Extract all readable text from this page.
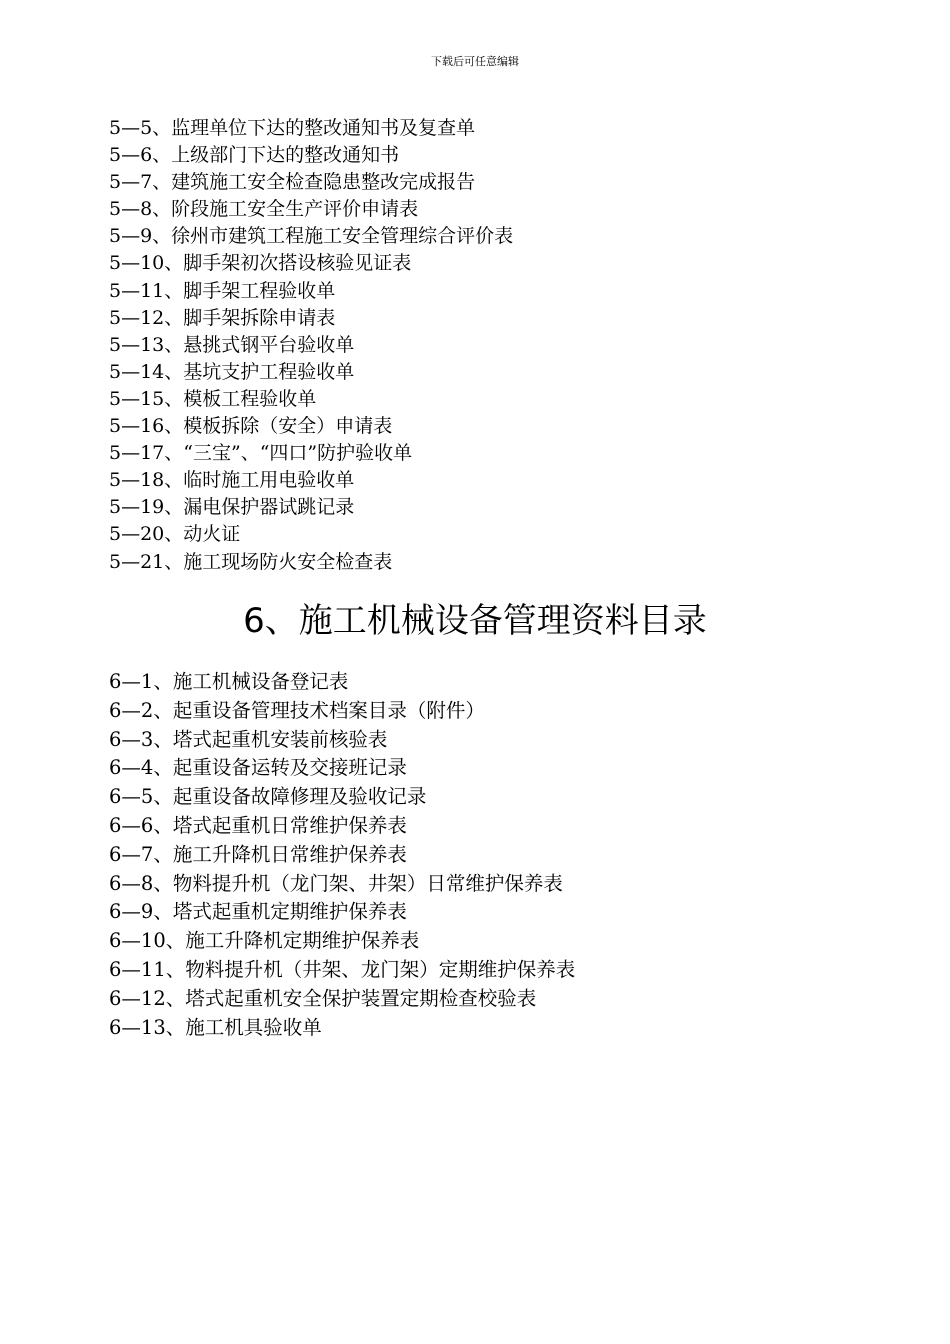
下载后可任意编辑
5—5、监理单位下达的整改通知书及复查单
5—6、上级部门下达的整改通知书
5—7、建筑施工安全检查隐患整改完成报告
5—8、阶段施工安全生产评价申请表
5—9、徐州市建筑工程施工安全管理综合评价表
5—10、脚手架初次搭设核验见证表
5—11、脚手架工程验收单
5—12、脚手架拆除申请表
5—13、悬挑式钢平台验收单
5—14、基坑支护工程验收单
5—15、模板工程验收单
5—16、模板拆除（安全）申请表
5—17、“三宝”、“四口”防护验收单
5—18、临时施工用电验收单
5—19、漏电保护器试跳记录
5—20、动火证
5—21、施工现场防火安全检查表
6、施工机械设备管理资料目录
6—1、施工机械设备登记表
6—2、起重设备管理技术档案目录（附件）
6—3、塔式起重机安装前核验表
6—4、起重设备运转及交接班记录
6—5、起重设备故障修理及验收记录
6—6、塔式起重机日常维护保养表
6—7、施工升降机日常维护保养表
6—8、物料提升机（龙门架、井架）日常维护保养表
6—9、塔式起重机定期维护保养表
6—10、施工升降机定期维护保养表
6—11、物料提升机（井架、龙门架）定期维护保养表
6—12、塔式起重机安全保护装置定期检查校验表
6—13、施工机具验收单
